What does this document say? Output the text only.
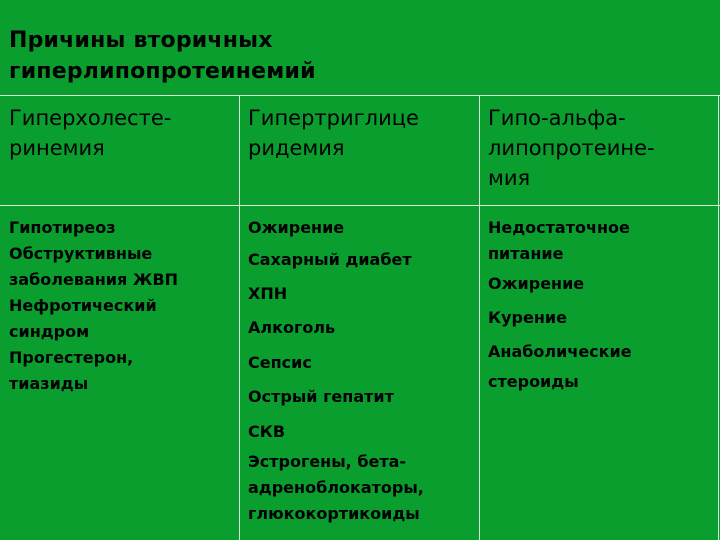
Причины вторичных
гиперлипопротеинемий
Гиперхолесте-
ринемия
Гипертриглице
ридемия
Гипо-альфа-
липопротеине-
мия
Гипотиреоз
Обструктивные
заболевания ЖВП
Нефротический
синдром
Прогестерон,
тиазиды
Ожирение
Сахарный диабет
ХПН
Алкоголь
Сепсис
Острый гепатит
СКВ
Эстрогены, бета-
адреноблокаторы,
глюкокортикоиды
Недостаточное
питание
Ожирение
Курение
Анаболические
стероиды
